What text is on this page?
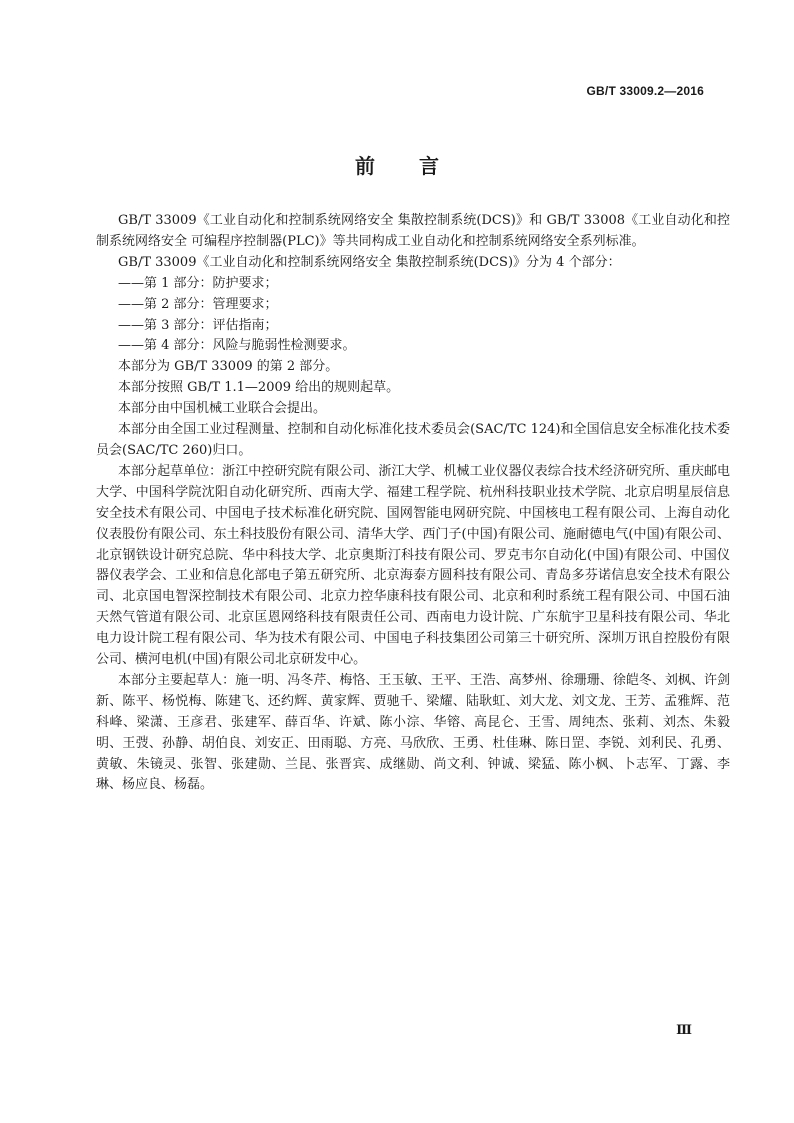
GB/T 33009.2—2016
前 言

GB/T 33009《工业自动化和控制系统网络安全 集散控制系统(DCS)》和 GB/T 33008《工业自动化和控制系统网络安全 可编程序控制器(PLC)》等共同构成工业自动化和控制系统网络安全系列标准。

GB/T 33009《工业自动化和控制系统网络安全 集散控制系统(DCS)》分为 4 个部分：

——第 1 部分：防护要求；

——第 2 部分：管理要求；

——第 3 部分：评估指南；

——第 4 部分：风险与脆弱性检测要求。

本部分为 GB/T 33009 的第 2 部分。

本部分按照 GB/T 1.1—2009 给出的规则起草。

本部分由中国机械工业联合会提出。

本部分由全国工业过程测量、控制和自动化标准化技术委员会(SAC/TC 124)和全国信息安全标准化技术委员会(SAC/TC 260)归口。

本部分起草单位：浙江中控研究院有限公司、浙江大学、机械工业仪器仪表综合技术经济研究所、重庆邮电大学、中国科学院沈阳自动化研究所、西南大学、福建工程学院、杭州科技职业技术学院、北京启明星辰信息安全技术有限公司、中国电子技术标准化研究院、国网智能电网研究院、中国核电工程有限公司、上海自动化仪表股份有限公司、东土科技股份有限公司、清华大学、西门子(中国)有限公司、施耐德电气(中国)有限公司、北京钢铁设计研究总院、华中科技大学、北京奥斯汀科技有限公司、罗克韦尔自动化(中国)有限公司、中国仪器仪表学会、工业和信息化部电子第五研究所、北京海泰方圆科技有限公司、青岛多芬诺信息安全技术有限公司、北京国电智深控制技术有限公司、北京力控华康科技有限公司、北京和利时系统工程有限公司、中国石油天然气管道有限公司、北京匡恩网络科技有限责任公司、西南电力设计院、广东航宇卫星科技有限公司、华北电力设计院工程有限公司、华为技术有限公司、中国电子科技集团公司第三十研究所、深圳万讯自控股份有限公司、横河电机(中国)有限公司北京研发中心。

本部分主要起草人：施一明、冯冬芹、梅恪、王玉敏、王平、王浩、高梦州、徐珊珊、徐皑冬、刘枫、许剑新、陈平、杨悦梅、陈建飞、还约辉、黄家辉、贾驰千、梁耀、陆耿虹、刘大龙、刘文龙、王芳、孟雅辉、范科峰、梁潇、王彦君、张建军、薛百华、许斌、陈小淙、华镕、高昆仑、王雪、周纯杰、张莉、刘杰、朱毅明、王弢、孙静、胡伯良、刘安正、田雨聪、方亮、马欣欣、王勇、杜佳琳、陈日罡、李锐、刘利民、孔勇、黄敏、朱镜灵、张智、张建勋、兰昆、张晋宾、成继勋、尚文利、钟诚、梁猛、陈小枫、卜志军、丁露、李琳、杨应良、杨磊。

Ⅲ
